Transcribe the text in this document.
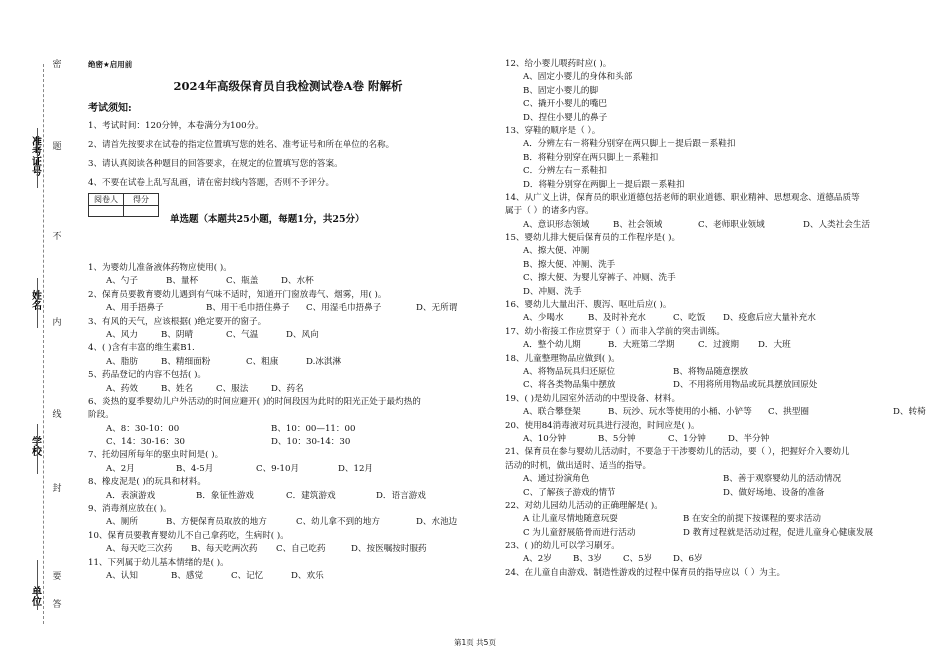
准考证号
姓名
学校
单位
密
题
不
内
线
封
要
答
绝密★启用前
2024年高级保育员自我检测试卷A卷 附解析
考试须知:
1、考试时间：120分钟，本卷满分为100分。
2、请首先按要求在试卷的指定位置填写您的姓名、准考证号和所在单位的名称。
3、请认真阅读各种题目的回答要求，在规定的位置填写您的答案。
4、不要在试卷上乱写乱画，请在密封线内答题，否则不予评分。
阅卷人	得分

单选题（本题共25小题，每题1分，共25分）
1、为婴幼儿准备液体药物应使用( )。
A、勺子	B、量杯	C、瓶盖	D、水杯
2、保育员要教育婴幼儿遇到有气味不适时，知道开门窗放毒气、烟雾，用( )。
A、用手捂鼻子	B、用干毛巾捂住鼻子 C、用湿毛巾捂鼻子	D、无所谓
3、有风的天气，应该根据( )绝定要开的窗子。
A、风力	B、阴晴	C、气温	D、风向
4、( )含有丰富的维生素B1.
A、脂肪	B、精细面粉	C、粗康	D.冰淇淋
5、药品登记的内容不包括( )。
A、药效	B、姓名	C、服法	D、药名
6、炎热的夏季婴幼儿户外活动的时间应避开( )的时间段因为此时的阳光正处于最灼热的
阶段。
A、8：30-10：00	B、10：00—11：00
C、14：30-16：30	D、10：30-14：30
7、托幼园所每年的驱虫时间是( )。
A、2月	B、4-5月	C、9-10月	D、12月
8、橡皮泥是( )的玩具和材料。
A．表演游戏	B．象征性游戏	C．建筑游戏	D．语言游戏
9、消毒剂应放在( )。
A、厕所	B、方便保育员取放的地方	C、幼儿拿不到的地方	D、水池边
10、保育员要教育婴幼儿不自己拿药吃，生病时( )。
A、每天吃三次药 B、每天吃两次药 C、自己吃药	D、按医嘱按时服药
11、下列属于幼儿基本情绪的是( )。
A、认知	B、感觉	C、记忆	D、欢乐
12、给小婴儿喂药时应( )。
A、固定小婴儿的身体和头部
B、固定小婴儿的脚
C、撬开小婴儿的嘴巴
D、捏住小婴儿的鼻子
13、穿鞋的顺序是（ ）。
A．分辨左右－将鞋分别穿在两只脚上－提后跟－系鞋扣
B．将鞋分别穿在两只脚上－系鞋扣
C．分辨左右－系鞋扣
D．将鞋分别穿在两脚上－提后跟－系鞋扣
14、从广义上讲，保育员的职业道德包括老师的职业道德、职业精神、思想观念、道德品质等
属于（ ）的诸多内容。
A、意识形态领域	B、社会领域	C、老师职业领域	D、人类社会生活
15、婴幼儿排大便后保育员的工作程序是( )。
A、擦大便、冲厕
B、擦大便、冲厕、洗手
C、擦大便、为婴儿穿裤子、冲厕、洗手
D、冲厕、洗手
16、婴幼儿大量出汗、腹泻、呕吐后应( )。
A、少喝水	B、及时补充水	C、吃饭 D、疫愈后应大量补充水
17、幼小衔接工作应贯穿于（ ）而非入学前的突击训练。
A．整个幼儿期	B．大班第二学期	C．过渡期 D．大班
18、儿童整理物品应做到( )。
A、将物品玩具归还原位	B、将物品随意摆放
C、将各类物品集中摆放	D、不用将所用物品或玩具摆放回原处
19、( )是幼儿园室外活动的中型设备、材料。
A、联合攀登架	B、玩沙、玩水等使用的小桶、小铲等 C、拱型圈	D、转椅
20、使用84消毒液对玩具进行浸泡，时间应是( )。
A、10分钟	B、5分钟	C、1分钟	D、半分钟
21、保育员在参与婴幼儿活动时，不要急于干涉婴幼儿的活动，要（ ），把握好介入婴幼儿
活动的时机，做出适时、适当的指导。
A、通过扮演角色	B、善于观察婴幼儿的活动情况
C、了解孩子游戏的情节	D、做好场地、设备的准备
22、对幼儿园幼儿活动的正确理解是( )。
A 让儿童尽情地随意玩耍	B 在安全的前提下按课程的要求活动
C 为儿童舒展筋骨而进行活动	D 教育过程就是活动过程，促进儿童身心健康发展
23、( )的幼儿可以学习刷牙。
A、2岁 B、3岁 C、5岁 D、6岁
24、在儿童自由游戏、制造性游戏的过程中保育员的指导应以（ ）为主。
第1页 共5页
